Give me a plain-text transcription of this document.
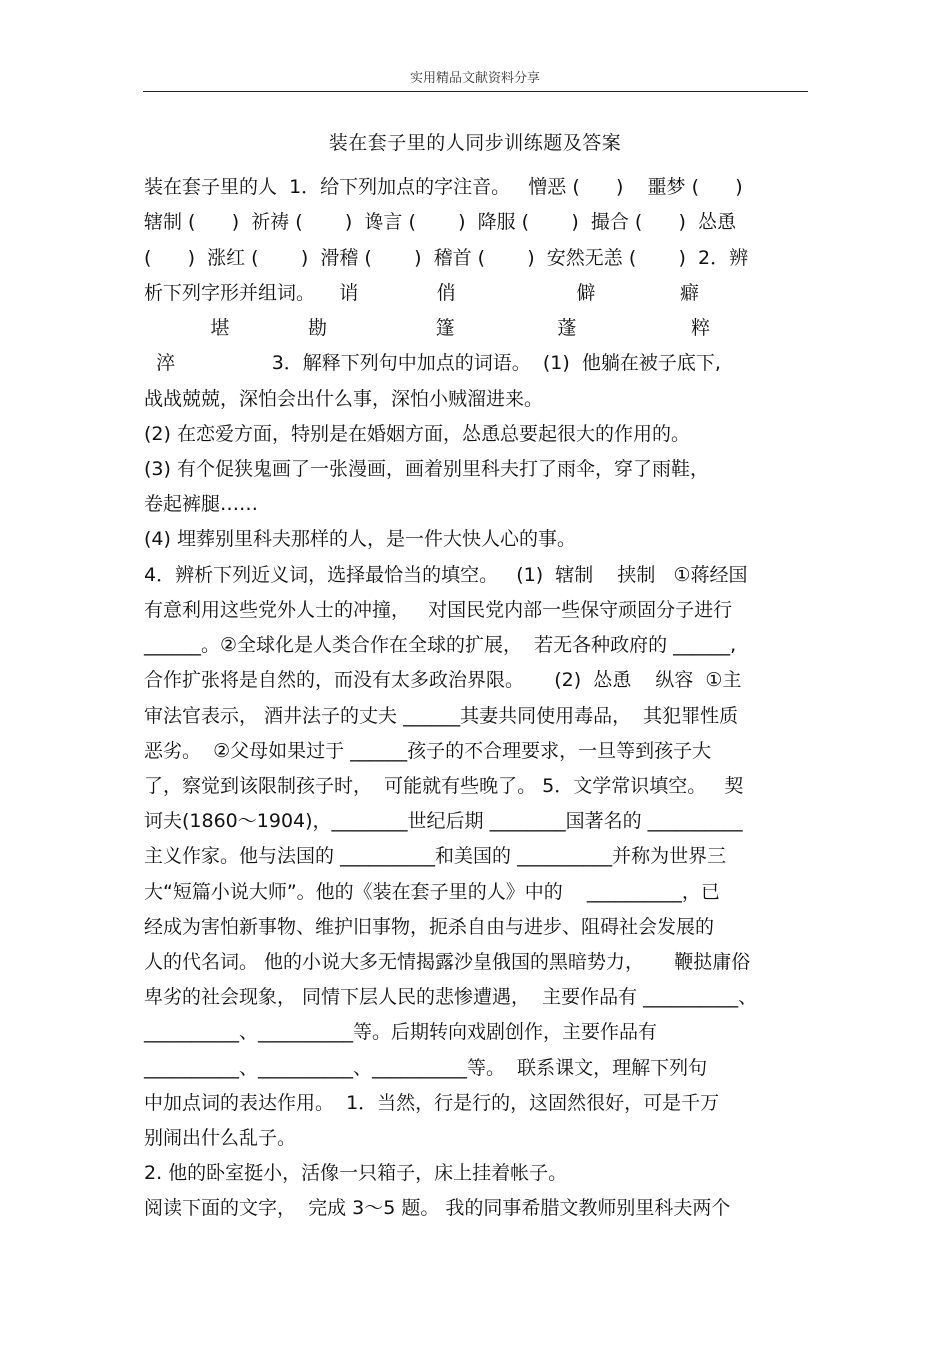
实用精品文献资料分享
装在套子里的人同步训练题及答案
装在套子里的人  1．给下列加点的字注音。   憎恶 (      )    噩梦 (      )
辖制 (      )  祈祷 (       )  谗言 (       )  降服 (       )  撮合 (      )  怂恿
(      )  涨红 (       )  滑稽 (       )  稽首 (       )  安然无恙 (       )  2．辨
析下列字形并组词。    诮             俏                    僻              癖
堪             勘                  篷                 蓬                   粹
淬                3．解释下列句中加点的词语。  (1)  他躺在被子底下,
战战兢兢，深怕会出什么事，深怕小贼溜进来。
(2) 在恋爱方面，特别是在婚姻方面，怂恿总要起很大的作用的。
(3) 有个促狭鬼画了一张漫画，画着别里科夫打了雨伞，穿了雨鞋，
卷起裤腿……
(4) 埋葬别里科夫那样的人，是一件大快人心的事。
4．辨析下列近义词，选择最恰当的填空。   (1)  辖制    挟制   ①蒋经国
有意利用这些党外人士的冲撞，   对国民党内部一些保守顽固分子进行
______。②全球化是人类合作在全球的扩展，  若无各种政府的 ______,
合作扩张将是自然的，而没有太多政治界限。     (2)  怂恿    纵容  ①主
审法官表示， 酒井法子的丈夫 ______其妻共同使用毒品，  其犯罪性质
恶劣。  ②父母如果过于 ______孩子的不合理要求，一旦等到孩子大
了，察觉到该限制孩子时，  可能就有些晚了。 5．文学常识填空。   契
诃夫(1860～1904)，________世纪后期 ________国著名的 __________
主义作家。他与法国的 __________和美国的 __________并称为世界三
大“短篇小说大师”。他的《装在套子里的人》中的    __________，已
经成为害怕新事物、维护旧事物，扼杀自由与进步、阻碍社会发展的
人的代名词。 他的小说大多无情揭露沙皇俄国的黑暗势力，     鞭挞庸俗
卑劣的社会现象， 同情下层人民的悲惨遭遇，  主要作品有 __________、
__________、__________等。后期转向戏剧创作，主要作品有
__________、__________、__________等。  联系课文，理解下列句
中加点词的表达作用。  1．当然，行是行的，这固然很好，可是千万
别闹出什么乱子。
2. 他的卧室挺小，活像一只箱子，床上挂着帐子。
阅读下面的文字，  完成 3～5 题。 我的同事希腊文教师别里科夫两个
